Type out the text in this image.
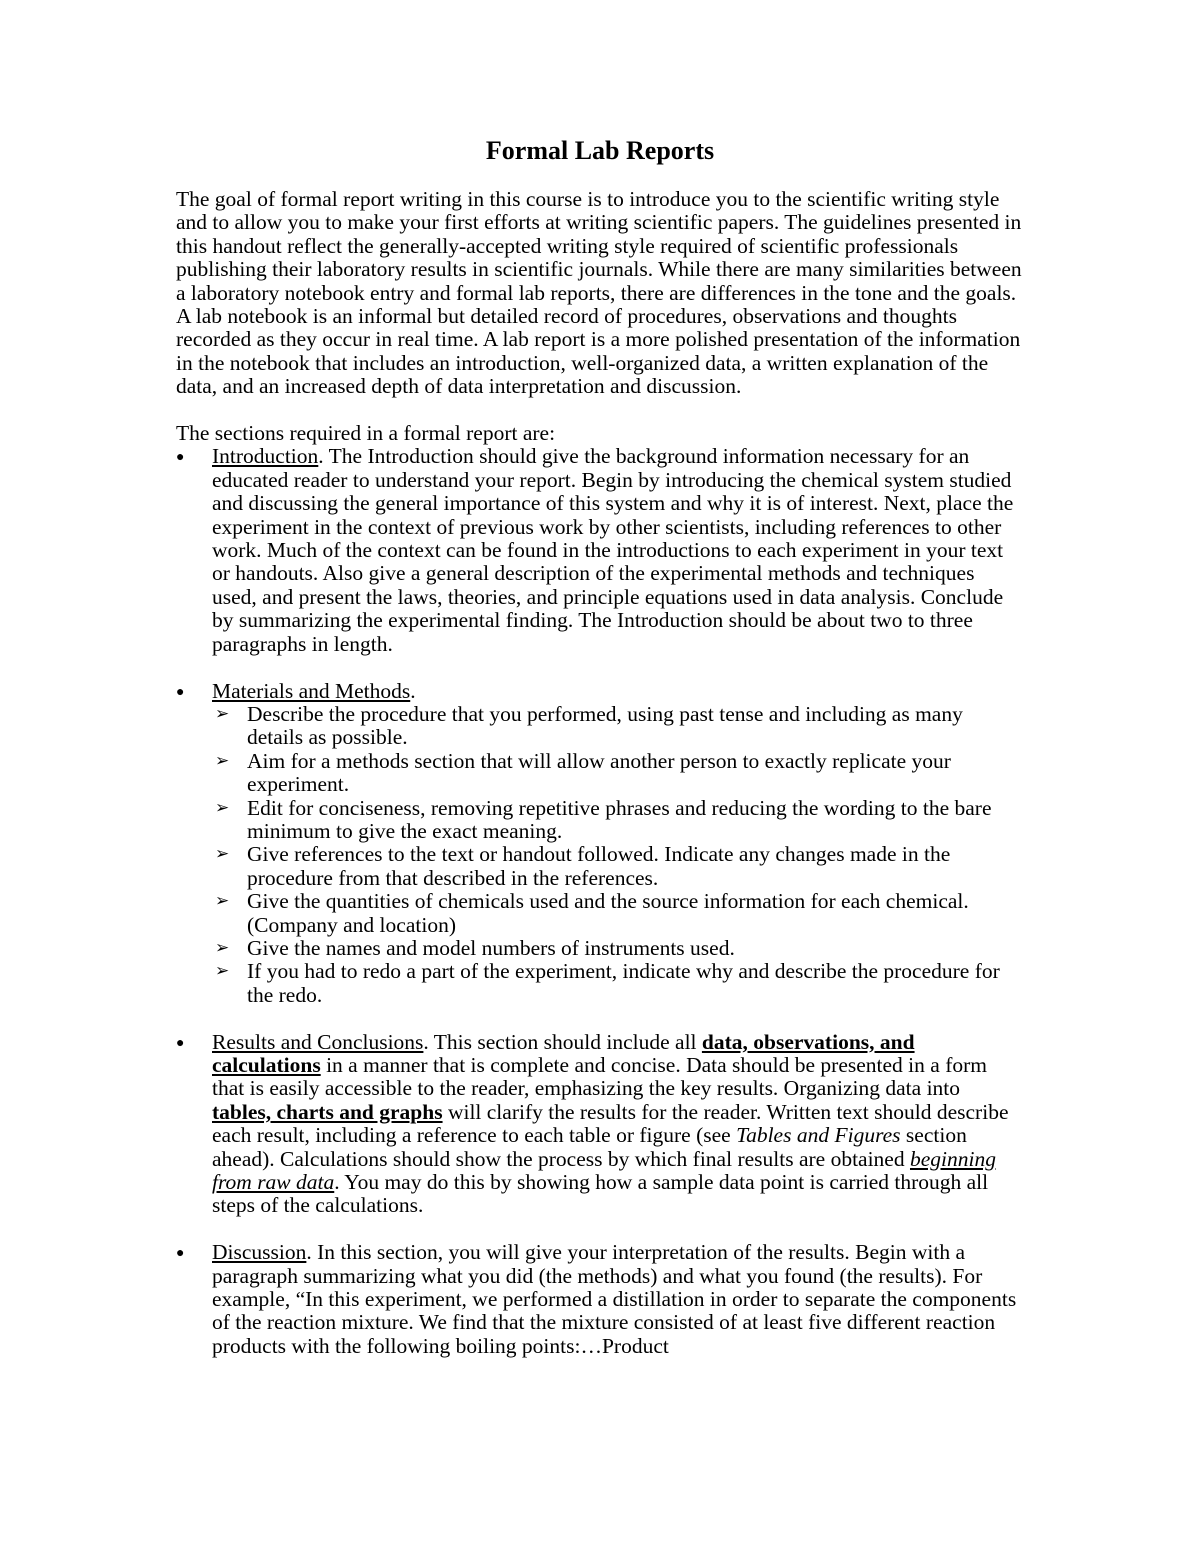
Formal Lab Reports

The goal of formal report writing in this course is to introduce you to the scientific writing style and to allow you to make your first efforts at writing scientific papers. The guidelines presented in this handout reflect the generally-accepted writing style required of scientific professionals publishing their laboratory results in scientific journals. While there are many similarities between a laboratory notebook entry and formal lab reports, there are differences in the tone and the goals. A lab notebook is an informal but detailed record of procedures, observations and thoughts recorded as they occur in real time. A lab report is a more polished presentation of the information in the notebook that includes an introduction, well-organized data, a written explanation of the data, and an increased depth of data interpretation and discussion.

The sections required in a formal report are:

●
Introduction. The Introduction should give the background information necessary for an educated reader to understand your report. Begin by introducing the chemical system studied and discussing the general importance of this system and why it is of interest. Next, place the experiment in the context of previous work by other scientists, including references to other work. Much of the context can be found in the introductions to each experiment in your text or handouts. Also give a general description of the experimental methods and techniques used, and present the laws, theories, and principle equations used in data analysis. Conclude by summarizing the experimental finding. The Introduction should be about two to three paragraphs in length.
●
Materials and Methods.
➢ Describe the procedure that you performed, using past tense and including as many details as possible.
➢ Aim for a methods section that will allow another person to exactly replicate your experiment.
➢ Edit for conciseness, removing repetitive phrases and reducing the wording to the bare minimum to give the exact meaning.
➢ Give references to the text or handout followed. Indicate any changes made in the procedure from that described in the references.
➢ Give the quantities of chemicals used and the source information for each chemical. (Company and location)
➢ Give the names and model numbers of instruments used.
➢ If you had to redo a part of the experiment, indicate why and describe the procedure for the redo.
●
Results and Conclusions. This section should include all data, observations, and calculations in a manner that is complete and concise. Data should be presented in a form that is easily accessible to the reader, emphasizing the key results. Organizing data into tables, charts and graphs will clarify the results for the reader. Written text should describe each result, including a reference to each table or figure (see Tables and Figures section ahead). Calculations should show the process by which final results are obtained beginning from raw data. You may do this by showing how a sample data point is carried through all steps of the calculations.
●
Discussion. In this section, you will give your interpretation of the results. Begin with a paragraph summarizing what you did (the methods) and what you found (the results). For example, “In this experiment, we performed a distillation in order to separate the components of the reaction mixture. We find that the mixture consisted of at least five different reaction products with the following boiling points:…Product
